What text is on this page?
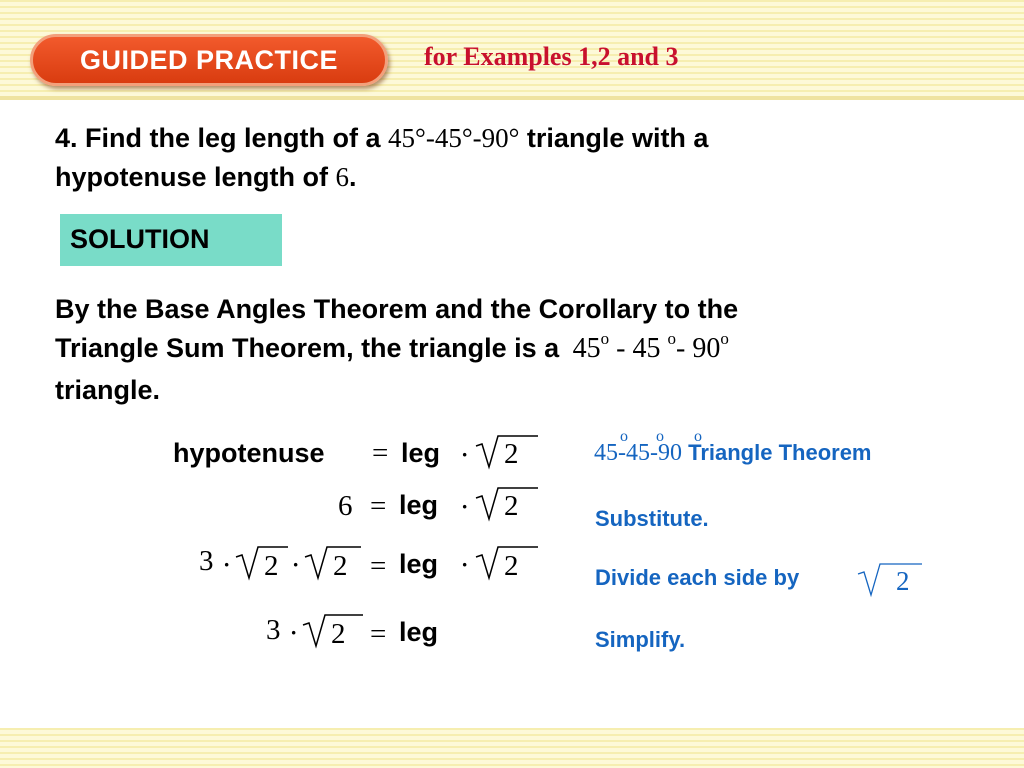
GUIDED PRACTICE	for Examples 1,2 and 3
4. Find the leg length of a 45°-45°-90° triangle with a
hypotenuse length of 6.
SOLUTION
By the Base Angles Theorem and the Corollary to the
Triangle Sum Theorem, the triangle is a 45$^o$ - 45 $^o$- 90$^o$
triangle.
hypotenuse = leg · 2
6 = leg · 2
3 · 2 · 2 = leg · 2
3 · 2 = leg
45-45-90 Triangle Theorem
o o o
Substitute.
Divide each side by	2
Simplify.
